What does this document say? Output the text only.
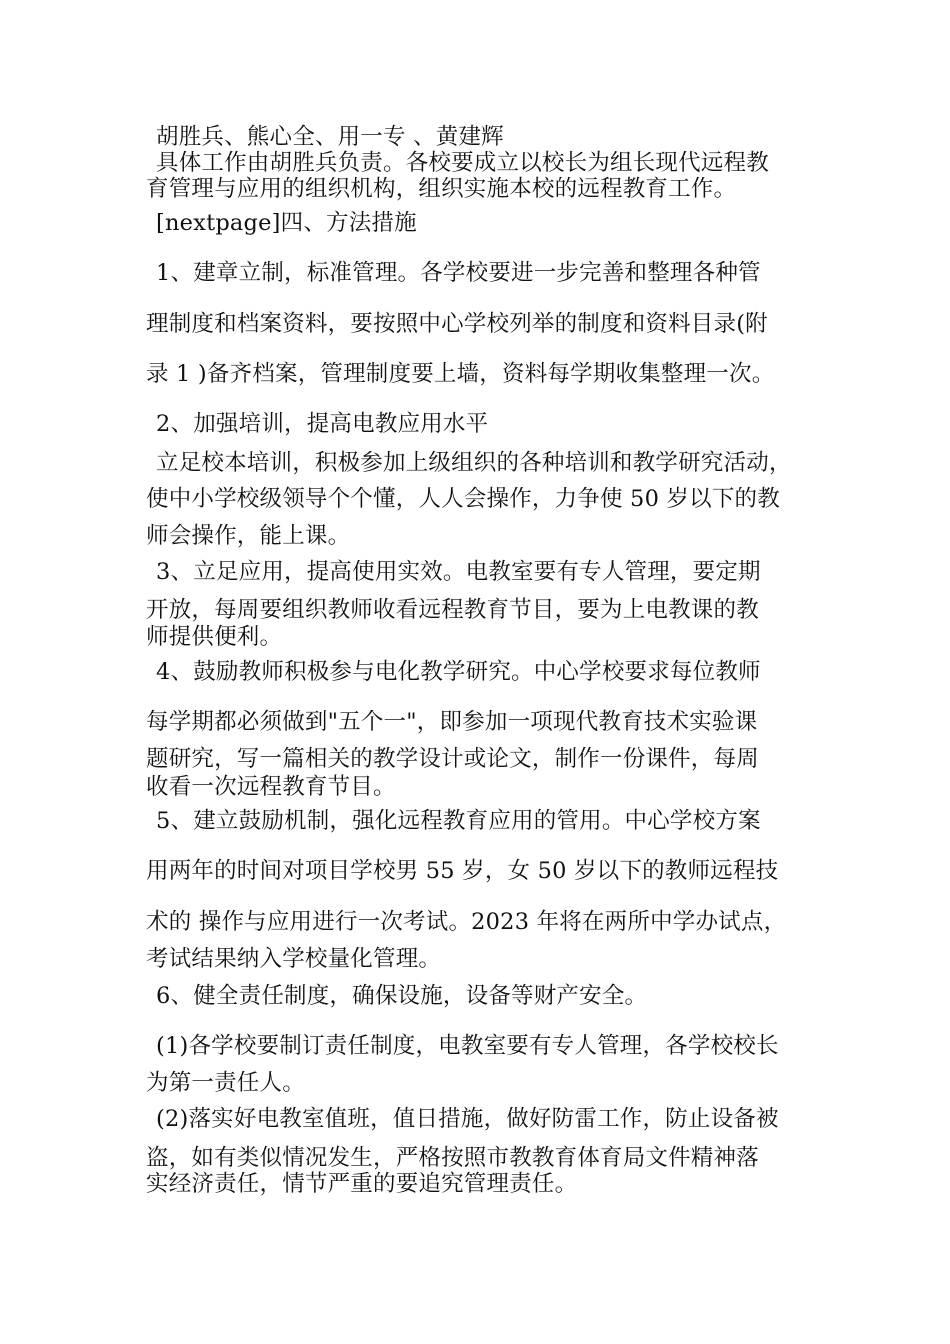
胡胜兵、熊心全、用一专 、黄建辉
具体工作由胡胜兵负责。各校要成立以校长为组长现代远程教
育管理与应用的组织机构，组织实施本校的远程教育工作。
[nextpage]四、方法措施
1、建章立制，标准管理。各学校要进一步完善和整理各种管
理制度和档案资料，要按照中心学校列举的制度和资料目录(附
录 1 )备齐档案，管理制度要上墙，资料每学期收集整理一次。
2、加强培训，提高电教应用水平
立足校本培训，积极参加上级组织的各种培训和教学研究活动，
使中小学校级领导个个懂，人人会操作，力争使 50 岁以下的教
师会操作，能上课。
3、立足应用，提高使用实效。电教室要有专人管理，要定期
开放，每周要组织教师收看远程教育节目，要为上电教课的教
师提供便利。
4、鼓励教师积极参与电化教学研究。中心学校要求每位教师
每学期都必须做到"五个一"，即参加一项现代教育技术实验课
题研究，写一篇相关的教学设计或论文，制作一份课件，每周
收看一次远程教育节目。
5、建立鼓励机制，强化远程教育应用的管用。中心学校方案
用两年的时间对项目学校男 55 岁，女 50 岁以下的教师远程技
术的 操作与应用进行一次考试。2023 年将在两所中学办试点，
考试结果纳入学校量化管理。
6、健全责任制度，确保设施，设备等财产安全。
(1)各学校要制订责任制度，电教室要有专人管理，各学校校长
为第一责任人。
(2)落实好电教室值班，值日措施，做好防雷工作，防止设备被
盗，如有类似情况发生，严格按照市教教育体育局文件精神落
实经济责任，情节严重的要追究管理责任。
